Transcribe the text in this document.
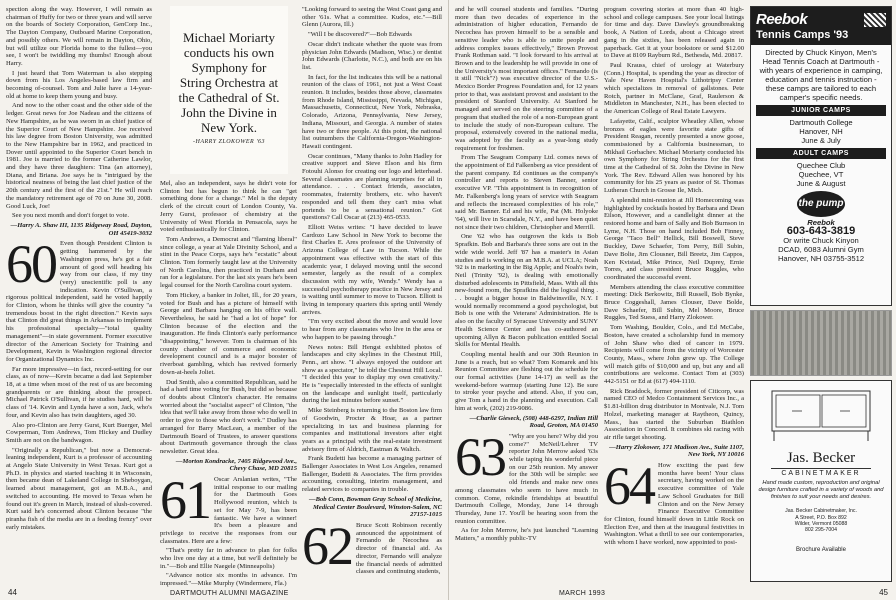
spection along the way. However, I will remain as chairman of Huffy for two or three years and will serve on the boards of Society Corporation, GenCorp Inc., The Dayton Company, Outboard Marine Corporation, and possibly others. We will remain in Dayton, Ohio, but will utilize our Florida home to the fullest—you see, I won't be twiddling my thumbs! Enough about Harry.

I just heard that Tom Waterman is also stepping down from his Los Angeles-based law firm and becoming of-counsel. Tom and Julie have a 14-year-old at home to keep them young and busy.

And now to the other coast and the other side of the ledger. Great news for Joe Nadeau and the citizens of New Hampshire, as he was sworn in as chief justice of the Superior Court of New Hampshire. Joe received his law degree from Boston University, was admitted to the New Hampshire bar in 1962, and practiced in Dover until appointed to the Superior Court bench in 1981. Joe is married to the former Catherine Lawlor, and they have three daughters: Tina (an attorney), Diana, and Briana. Joe says he is "intrigued by the historical neatness of being the last chief justice of the 20th century and the first of the 21st." He will reach the mandatory retirement age of 70 on June 30, 2008. Good Luck, Joe!

See you next month and don't forget to vote.

—Harry A. Shaw III, 1135 Ridgeway Road, Dayton, OH 45419-3032
60 Even though President Clinton is getting hammered by the Washington press, he's got a fair amount of good will heading his way from our class, if my tiny (very) unscientific poll is any indication. Kevin O'Sullivan, a rigorous political independent, said he voted happily for Clinton, whom he thinks will give the country "a tremendous boost in the right direction." Kevin says that Clinton did great things in Arkansas to implement his professional specialty—"total quality management"—in state government. Former executive director of the American Society for Training and Development, Kevin is Washington regional director for Organizational Dynamics Inc.

Far more impressive—in fact, record-setting for our class, as of now—Kevin became a dad last September 18, at a time when most of the rest of us are becoming grandparents or are thinking about the prospect. Michael Patrick O'Sullivan, if he studies hard, will be class of '14. Kevin and Lynda have a son, Jack, who's four, and Kevin also has twin daughters, aged 30.

Also pro-Clinton are Jerry Gurst, Kurt Buerger, Mel Cowperman, Tom Andrews, Tom Hickey and Dudley Smith are not on the bandwagon.

"Originally a Republican," but now a Democrat-leaning independent, Kurt is a professor of accounting at Angelo State University in West Texas. Kurt got a Ph.D. in physics and started teaching it in Wisconsin, then became dean of Lakeland College in Sheboygan, learned about management, got an M.B.A., and switched to accounting. He moved to Texas when he found out it's green in March, instead of slush-covered. Kurt said he's concerned about Clinton because "the piranha fish of the media are in a feeding frenzy" over early mistakes.

Michael Moriarty conducts his own Symphony for String Orchestra at the Cathedral of St. John the Divine in New York.
-HARRY ZLOKOWER '63

Mel, also an independent, says he didn't vote for Clinton but has begun to think he can "get something done for a change." Mel is the deputy clerk of the circuit court of London County, Va. Jerry Gurst, professor of chemistry at the University of West Florida in Pensacola, says he voted enthusiastically for Clinton.

Tom Andrews, a Democrat and "flaming liberal" since college, a year at Yale Divinity School, and a stint in the Peace Corps, says he's "ecstatic" about Clinton. Tom formerly taught law at the University of North Carolina, then practiced in Durham and ran for a legislature. For the last six years he's been legal counsel for the North Carolina court system.

Tom Hickey, a banker in Joliet, Ill., for 20 years, voted for Bush and has a picture of himself with George and Barbara hanging on his office wall. Nevertheless, he said he "had a lot of hope" for Clinton because of the election and the inauguration. He finds Clinton's early performance "disappointing," however. Tom is chairman of his county chamber of commerce and economic development council and is a major booster of riverboat gambling, which has revived formerly down-at-heels Joliet.

Dud Smith, also a committed Republican, said he had a hard time voting for Bush, but did so because of doubts about Clinton's character. He remains worried about the "socialist aspect" of Clinton, "the idea that we'll take away from those who do well in order to give to those who don't work." Dudley has arranged for Barry MacLean, a member of the Dartmouth Board of Trustees, to answer questions about Dartmouth governance through the class newsletter. Great idea.

—Morton Kondracke, 7405 Ridgewood Ave., Chevy Chase, MD 20815
61 Oscar Arslanian writes, "The initial response to our mailing for the Dartmouth Goes Hollywood reunion, which is set for May 7-9, has been fantastic. We have a winner! It's been a pleasure and privilege to receive the responses from our classmates. Here are a few:

"That's pretty far in advance to plan for folks who live one day at a time, but we'll definitely be in."—Bob and Ellie Naegele (Minneapolis)

"Advance notice six months in advance. I'm impressed."—Mike Murphy (Windermere, Fla.)

"Looking forward to seeing the West Coast gang and other '61s. What a committee. Kudos, etc."—Bill Glenn (Aurora, Ill.)

"Will I be discovered?"—Bob Edwards

Oscar didn't indicate whether the quote was from physician John Edwards (Madison, Wisc.) or dentist John Edwards (Charlotte, N.C.), and both are on his list.

In fact, for the list indicates this will be a national reunion of the class of 1961, not just a West Coast reunion. It includes, besides those above, classmates from Rhode Island, Mississippi, Nevada, Michigan, Massachusetts, Connecticut, New York, Nebraska, Colorado, Arizona, Pennsylvania, New Jersey, Indiana, Missouri, and Georgia. A number of states have two or three people. At this point, the national list outnumbers the California-Oregon-Washington-Hawaii contingent.

Oscar continues, "Many thanks to John Hadley for creative support and Steve Elson and his firm Fotouhi Alonso for creating our logo and letterhead. Several classmates are planning surprises for all in attendance. . . . Contact friends, associates, roommates, fraternity brothers, etc. who haven't responded and tell them they can't miss what portends to be a sensational reunion." Got questions? Call Oscar at (213) 465-0533.

Elliott Weiss writes: "I have decided to leave Cardozo Law School in New York to become the first Charles E. Ares professor of the University of Arizona College of Law in Tucson. While the appointment was effective with the start of this academic year, I delayed moving until the second semester, largely as the result of a complex discussion with my wife, Wendy." Wendy has a successful psychotherapy practice in New Jersey and is waiting until summer to move to Tucson. Elliott is living in temporary quarters this spring until Wendy arrives.

"I'm very excited about the move and would love to hear from any classmates who live in the area or who happen to be passing through."

News notes: Bill Hengst exhibited photos of landscapes and city skylines in the Chestnut Hill, Penn., art show. "I always enjoyed the outdoor art show as a spectator," he told the Chestnut Hill Local. "I decided this year to display my own creativity." He is "especially interested in the effects of sunlight on the landscape and sunlight itself, particularly during the last minutes before sunset."

Mike Steinberg is returning to the Boston law firm of Goodwin, Procter & Hoar, as a partner specializing in tax and business planning for companies and institutional investors after eight years as a principal with the real-estate investment advisory firm of Aldrich, Eastman & Waltch.

Frank Budetti has become a managing partner of Ballenger Associates in West Los Angeles, renamed Ballenger, Budetti & Associates. The firm provides accounting, consulting, interim management, and related services to companies in trouble.

—Bob Conn, Bowman Gray School of Medicine, Medical Center Boulevard, Winston-Salem, NC 27157-1015
62 Bruce Scott Robinson recently announced the appointment of Fernando de Necochea as director of financial aid. As director, Fernando will analyze the financial needs of admitted classes and continuing students,

44	DARTMOUTH ALUMNI MAGAZINE

and he will counsel students and families. "During more than two decades of experience in the administration of higher education, Fernando de Necochea has proven himself to be a sensible and sensitive leader who is able to unite people and address complex issues effectively," Brown Provost Frank Rothman said. "I look forward to his arrival at Brown and to the leadership he will provide in one of the University's most important offices." Fernando (is it still "Nick"?) was executive director of the U.S.-Mexico Border Progress Foundation and, for 12 years prior to that, was assistant provost and assistant to the president of Stanford University. At Stanford he managed and served on the steering committee of a program that studied the role of a non-European grant to include the study of non-European culture. The proposal, extensively covered in the national media, was adopted by the faculty as a year-long study requirement for freshmen.

From The Seagram Company Ltd. comes news of the appointment of Ed Falkenberg as vice president of the parent company. Ed continues as the company's controller and reports to Steven Banner, senior executive VP. "This appointment is in recognition of Mr. Falkenberg's long years of service with Seagram and reflects the increased complexities of his role," said Mr. Banner. Ed and his wife, Pat (Mt. Holyoke '64), will live in Scarsdale, N.Y., and have been quiet not since their two children, Christopher and Merrill.

One '62 who has outgrown the kids is Bob Sprafkin. Bob and Barbara's three sons are out in the wide wide world. Jeff '87 has a master's in Asian studies and is working on an M.B.A. at UCLA; Noah '92 is in marketing in the Big Apple; and Noah's twin, Neil (Trinity '92), is dealing with emotionally disturbed adolescents in Pittsfield, Mass. With all this new-found room, the Sprafkins did the logical thing . . . bought a bigger house in Baldwinsville, N.Y. I would normally recommend a good psychologist, but Bob is one with the Veterans' Administration. He is also on the faculty of Syracuse University and SUNY Health Science Center and has co-authored an upcoming Allyn & Bacon publication entitled Social Skills for Mental Health.

Coupling mental health and our 30th Reunion in June is a reach, but so what? Tom Komarek and his Reunion Committee are fleshing out the schedule for our formal activities (June 14-17) as well as the weekend-before warmup (starting June 12). Be sure to stroke your psyche and attend. Also, if you can, give Tom a hand in the planning and execution. Call him at work, (202) 219-9086.

—Charlie Gieseck, (508) 448-6297, Indian Hill Road, Groton, MA 01450
63 "Why are you here? Why did you come?" McNeil/Lehrer TV reporter John Merrow asked '63s while taping his wonderful piece on our 25th reunion. My answer for the 30th will be simple: see old friends and make new ones among classmates who seem to have much in common. Come, rekindle friendships at beautiful Dartmouth College, Monday, June 14 through Thursday, June 17. You'll be hearing soon from the reunion committee.

As for John Merrow, he's just launched "Learning Matters," a monthly public-TV

program covering stories at more than 40 high-school and college campuses. See your local listings for time and day. Dave Dawley's groundbreaking book, A Nation of Lords, about a Chicago street gang in the sixties, has been released again in paperback. Get it at your bookstore or send $12.00 to Dave at 8109 Rayburn Rd., Bethesda, Md. 20817.

Paul Krauss, chief of urology at Waterbury (Conn.) Hospital, is spending the year as director of Yale New Haven Hospital's Lithotripsy Center which specializes in removal of gallstones. Pete Rotch, partner in McClane, Graf, Raulerson & Middleton in Manchester, N.H., has been elected to the American College of Real Estate Lawyers.

Lafayette, Calif., sculptor Wheatley Allen, whose bronzes of eagles were favorite state gifts of President Reagan, recently presented a snow goose, commissioned by a California businessman, to Mikhail Gorbachev. Michael Moriarty conducted his own Symphony for String Orchestra for the first time at the Cathedral of St. John the Divine in New York. The Rev. Edward Allen was honored by his community for his 25 years as pastor of St. Thomas Lutheran Church in Grosse Ile, Mich.

A splendid mini-reunion at Jill Homecoming was highlighted by cocktails hosted by Barbara and Dean Eilson, However, and a candlelight dinner at the restored home and barn of Sally and Bob Burnson in Lyme, N.H. Those on hand included Bob Finney, George "Taco Bell" Hellick, Bill Boswell, Steve Buckley, Dave Schaefer, Tom Perry, Bill Subin, Dave Bolte, Jim Clousner, Bill Breetz, Jim Cappos, Ken Kvistad, Mike Prince, Neil Duprey, Ernie Torres, and class president Bruce Ruggles, who coordinated the successful event.

Members attending the class executive committee meeting: Dick Berkowitz, Bill Russell, Bob Bynke, Bruce Coggeshall, James Clouser, Dave Bolde, Dave Schaefer, Bill Subin, Mel Moore, Bruce Ruggles, Ted Suess, and Harry Zlokower.

Tom Washing, Boulder, Colo., and Ed McCabe, Boston, have created a scholarship fund in memory of John Shaw who died of cancer in 1979. Recipients will come from the vicinity of Worcester County, Mass., where John grew up. The College will match gifts of $10,000 and up, but any and all contributions are welcome. Contact Tom at (303) 442-5151 or Ed at (617) 494-1110.

Rick Braddock, former president of Citicorp, was named CEO of Medco Containment Services Inc., a $1.81-billion drug distributor in Montvale, N.J. Tom Holzel, marketing manager at Raytheon, Quincy, Mass., has started the Suburban Biathlon Association in Concord. It combines ski racing with air rifle target shooting.

—Harry Zlokower, 171 Madison Ave., Suite 1107, New York, NY 10016
64 How exciting the past few months have been! Your class secretary, having worked on the executive committee of Yale Law School Graduates for Bill Clinton and on the New Jersey Finance Executive Committee for Clinton, found himself down in Little Rock on Election Eve, and then at the inaugural festivities in Washington. What a thrill to see our contemporaries, with whom I have worked, now appointed to posi-

45
MARCH 1993
Reebok
Tennis Camps '93
Directed by Chuck Kinyon, Men's Head Tennis Coach at Dartmouth - with years of experience in camping, education and tennis instruction - these camps are tailored to each camper's specific needs.
JUNIOR CAMPS
Dartmouth College
Hanover, NH
June & July
ADULT CAMPS
Quechee Club
Quechee, VT
June & August
the pump
Reebok
603-643-3819
Or write Chuck Kinyon
DCAD, 6083 Alumni Gym
Hanover, NH 03755-3512
Jas. Becker
CABINETMAKER
Hand made custom, reproduction and original design furniture crafted in a variety of woods and finishes to suit your needs and desires.
Jas. Becker Cabinetmaker, Inc.
A Street, P.O. Box 892
Wilder, Vermont 05088
802 295-7004
Brochure Available
